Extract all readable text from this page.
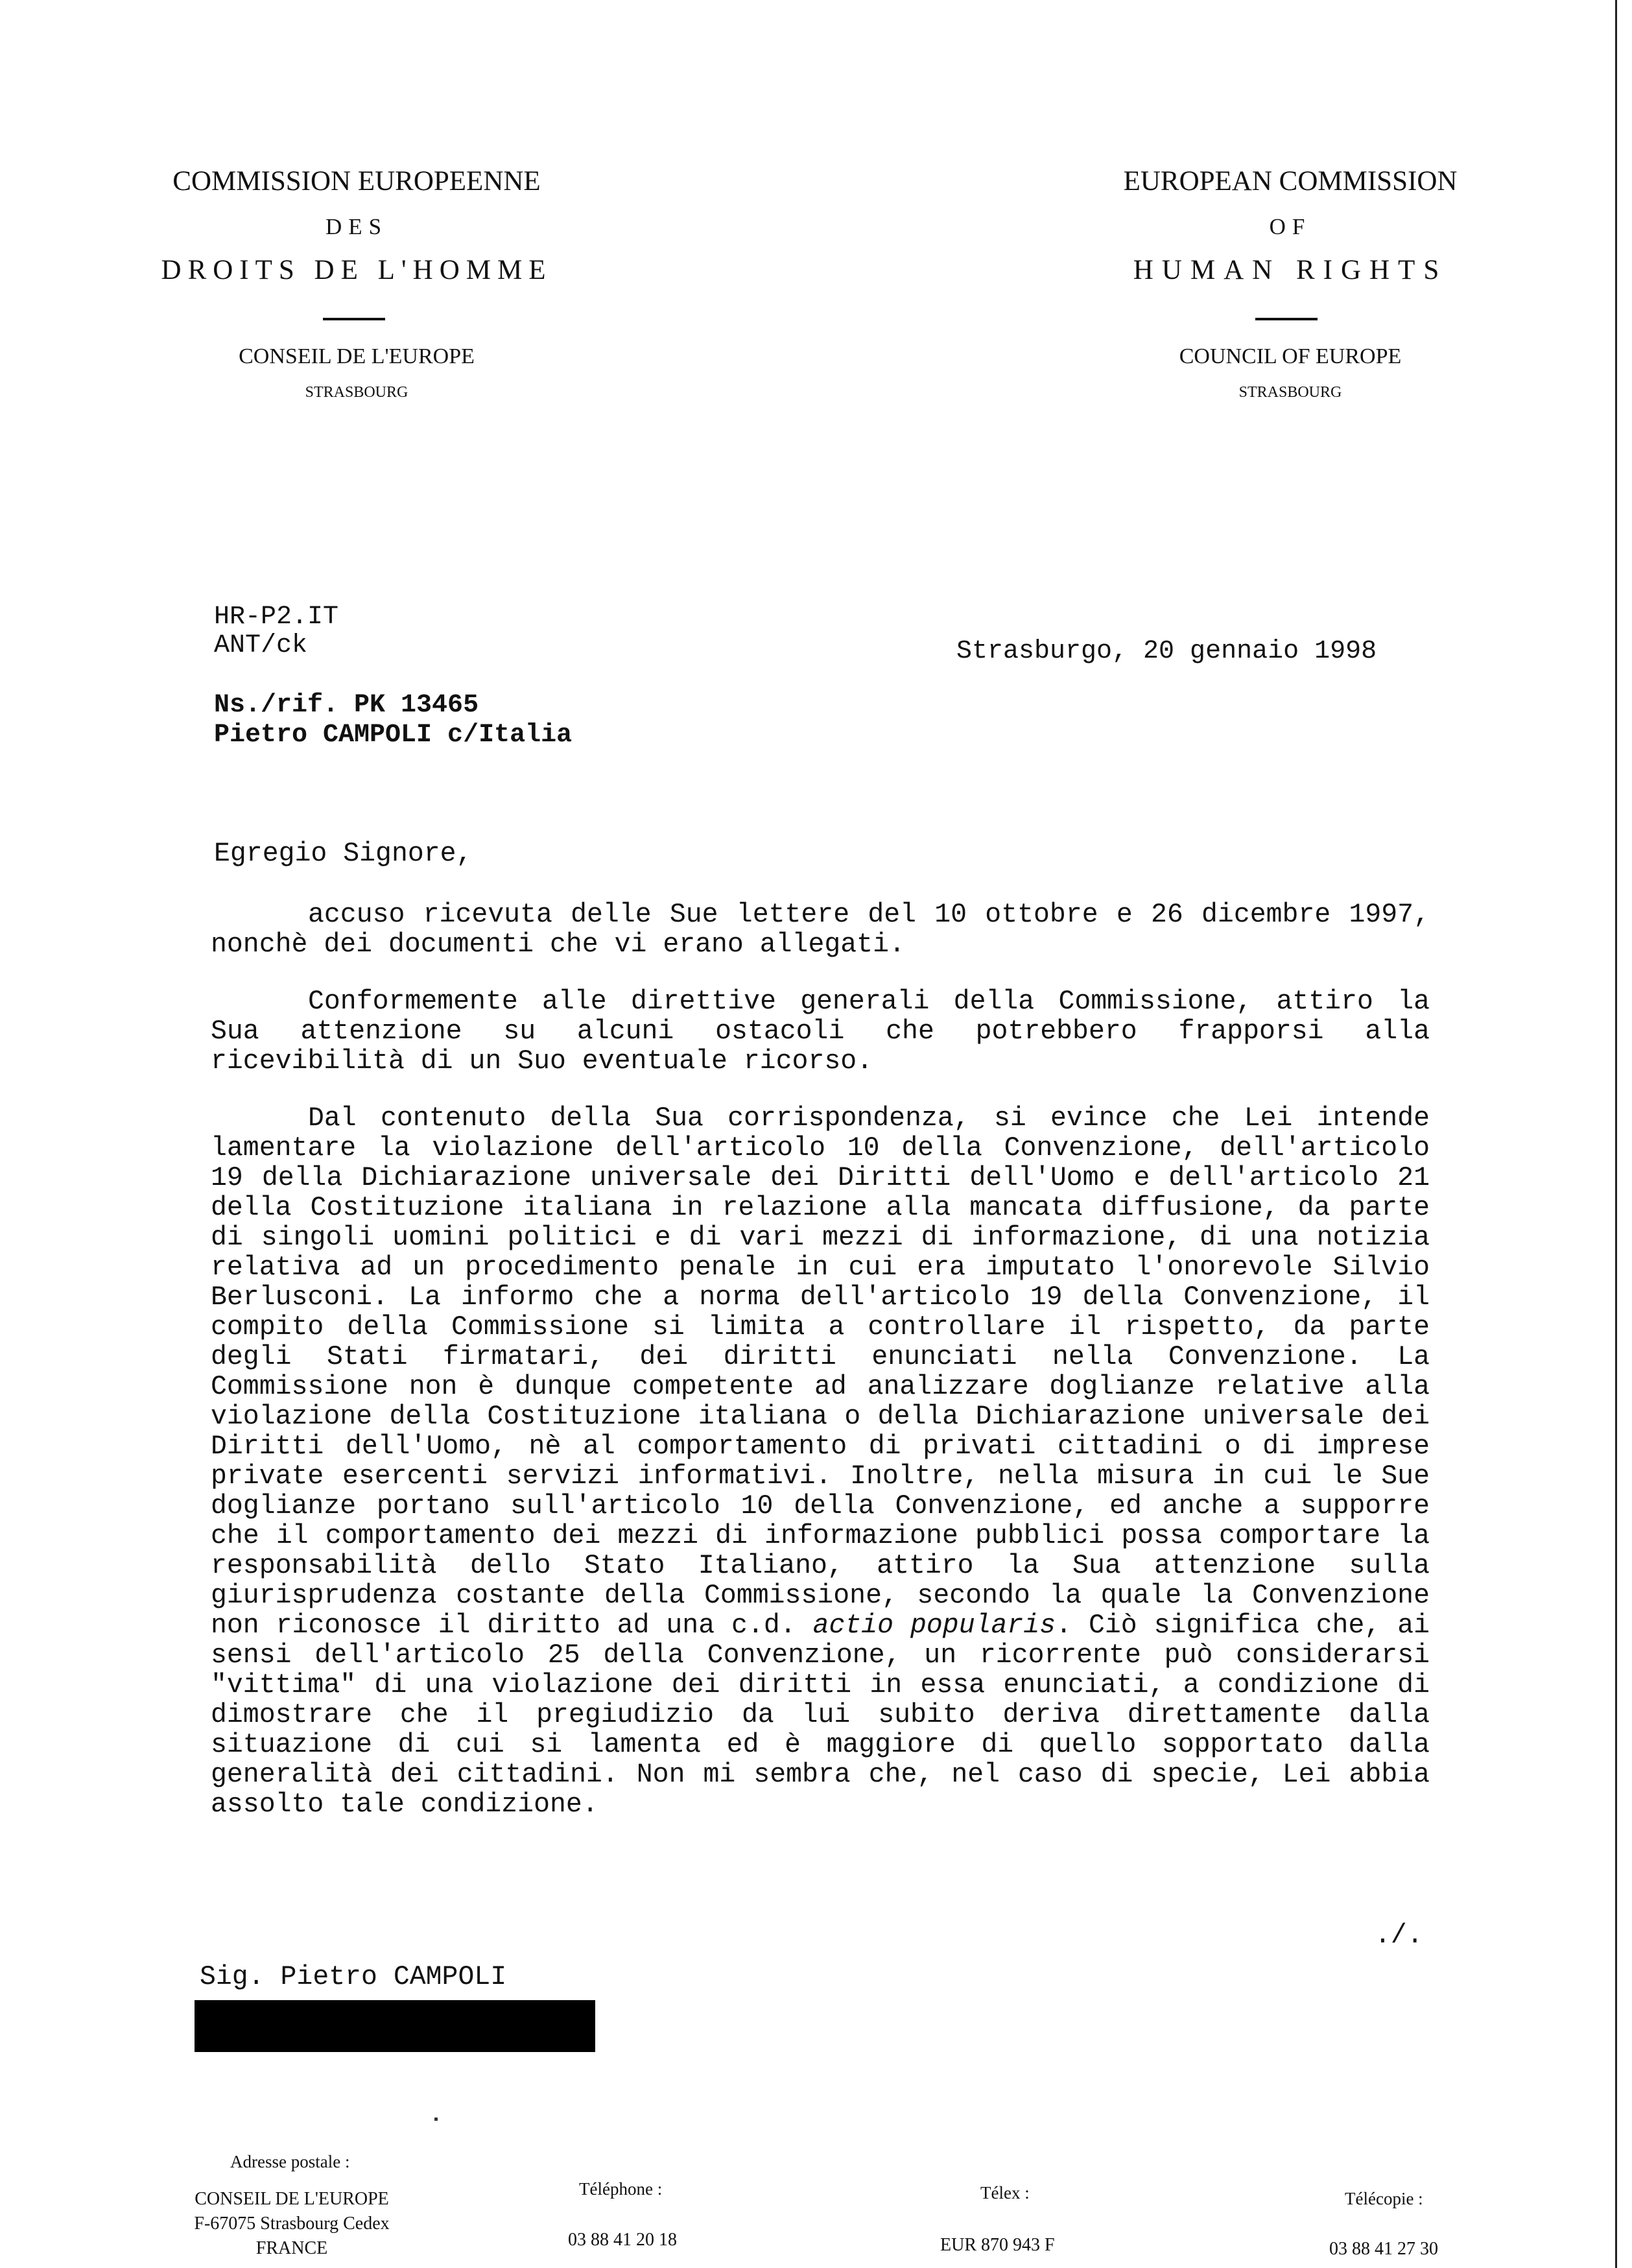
COMMISSION EUROPEENNE
DES
DROITS DE L'HOMME
CONSEIL DE L'EUROPE
STRASBOURG
EUROPEAN COMMISSION
OF
HUMAN RIGHTS
COUNCIL OF EUROPE
STRASBOURG
HR-P2.IT
ANT/ck	Strasburgo, 20 gennaio 1998
Ns./rif. PK 13465
Pietro CAMPOLI c/Italia
Egregio Signore,

accuso ricevuta delle Sue lettere del 10 ottobre e 26 dicembre 1997, nonchè dei documenti che vi erano allegati.

Conformemente alle direttive generali della Commissione, attiro la Sua attenzione su alcuni ostacoli che potrebbero frapporsi alla ricevibilità di un Suo eventuale ricorso.

Dal contenuto della Sua corrispondenza, si evince che Lei intende lamentare la violazione dell'articolo 10 della Convenzione, dell'articolo 19 della Dichiarazione universale dei Diritti dell'Uomo e dell'articolo 21 della Costituzione italiana in relazione alla mancata diffusione, da parte di singoli uomini politici e di vari mezzi di informazione, di una notizia relativa ad un procedimento penale in cui era imputato l'onorevole Silvio Berlusconi. La informo che a norma dell'articolo 19 della Convenzione, il compito della Commissione si limita a controllare il rispetto, da parte degli Stati firmatari, dei diritti enunciati nella Convenzione. La Commissione non è dunque competente ad analizzare doglianze relative alla violazione della Costituzione italiana o della Dichiarazione universale dei Diritti dell'Uomo, nè al comportamento di privati cittadini o di imprese private esercenti servizi informativi. Inoltre, nella misura in cui le Sue doglianze portano sull'articolo 10 della Convenzione, ed anche a supporre che il comportamento dei mezzi di informazione pubblici possa comportare la responsabilità dello Stato Italiano, attiro la Sua attenzione sulla giurisprudenza costante della Commissione, secondo la quale la Convenzione non riconosce il diritto ad una c.d. actio popularis. Ciò significa che, ai sensi dell'articolo 25 della Convenzione, un ricorrente può considerarsi "vittima" di una violazione dei diritti in essa enunciati, a condizione di dimostrare che il pregiudizio da lui subito deriva direttamente dalla situazione di cui si lamenta ed è maggiore di quello sopportato dalla generalità dei cittadini. Non mi sembra che, nel caso di specie, Lei abbia assolto tale condizione.

./.
Sig. Pietro CAMPOLI
Adresse postale :
CONSEIL DE L'EUROPE
F-67075 Strasbourg Cedex
FRANCE
Téléphone :
03 88 41 20 18
Télex :
EUR 870 943 F
Télécopie :
03 88 41 27 30
